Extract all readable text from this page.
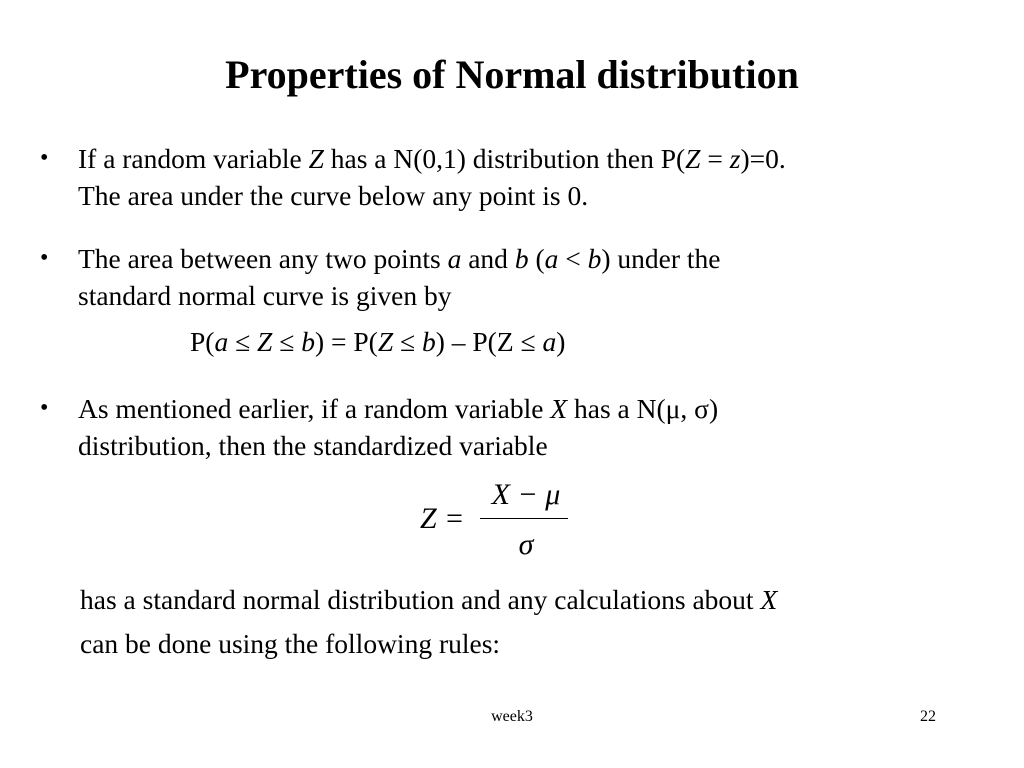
Properties of Normal distribution
• If a random variable Z has a N(0,1) distribution then P(Z = z)=0.
The area under the curve below any point is 0.
• The area between any two points a and b (a < b) under the
standard normal curve is given by
P(a ≤ Z ≤ b) = P(Z ≤ b) – P(Z ≤ a)
• As mentioned earlier, if a random variable X has a N(μ, σ)
distribution, then the standardized variable
Z =
X − μ
σ
has a standard normal distribution and any calculations about X
can be done using the following rules:
week3	22
